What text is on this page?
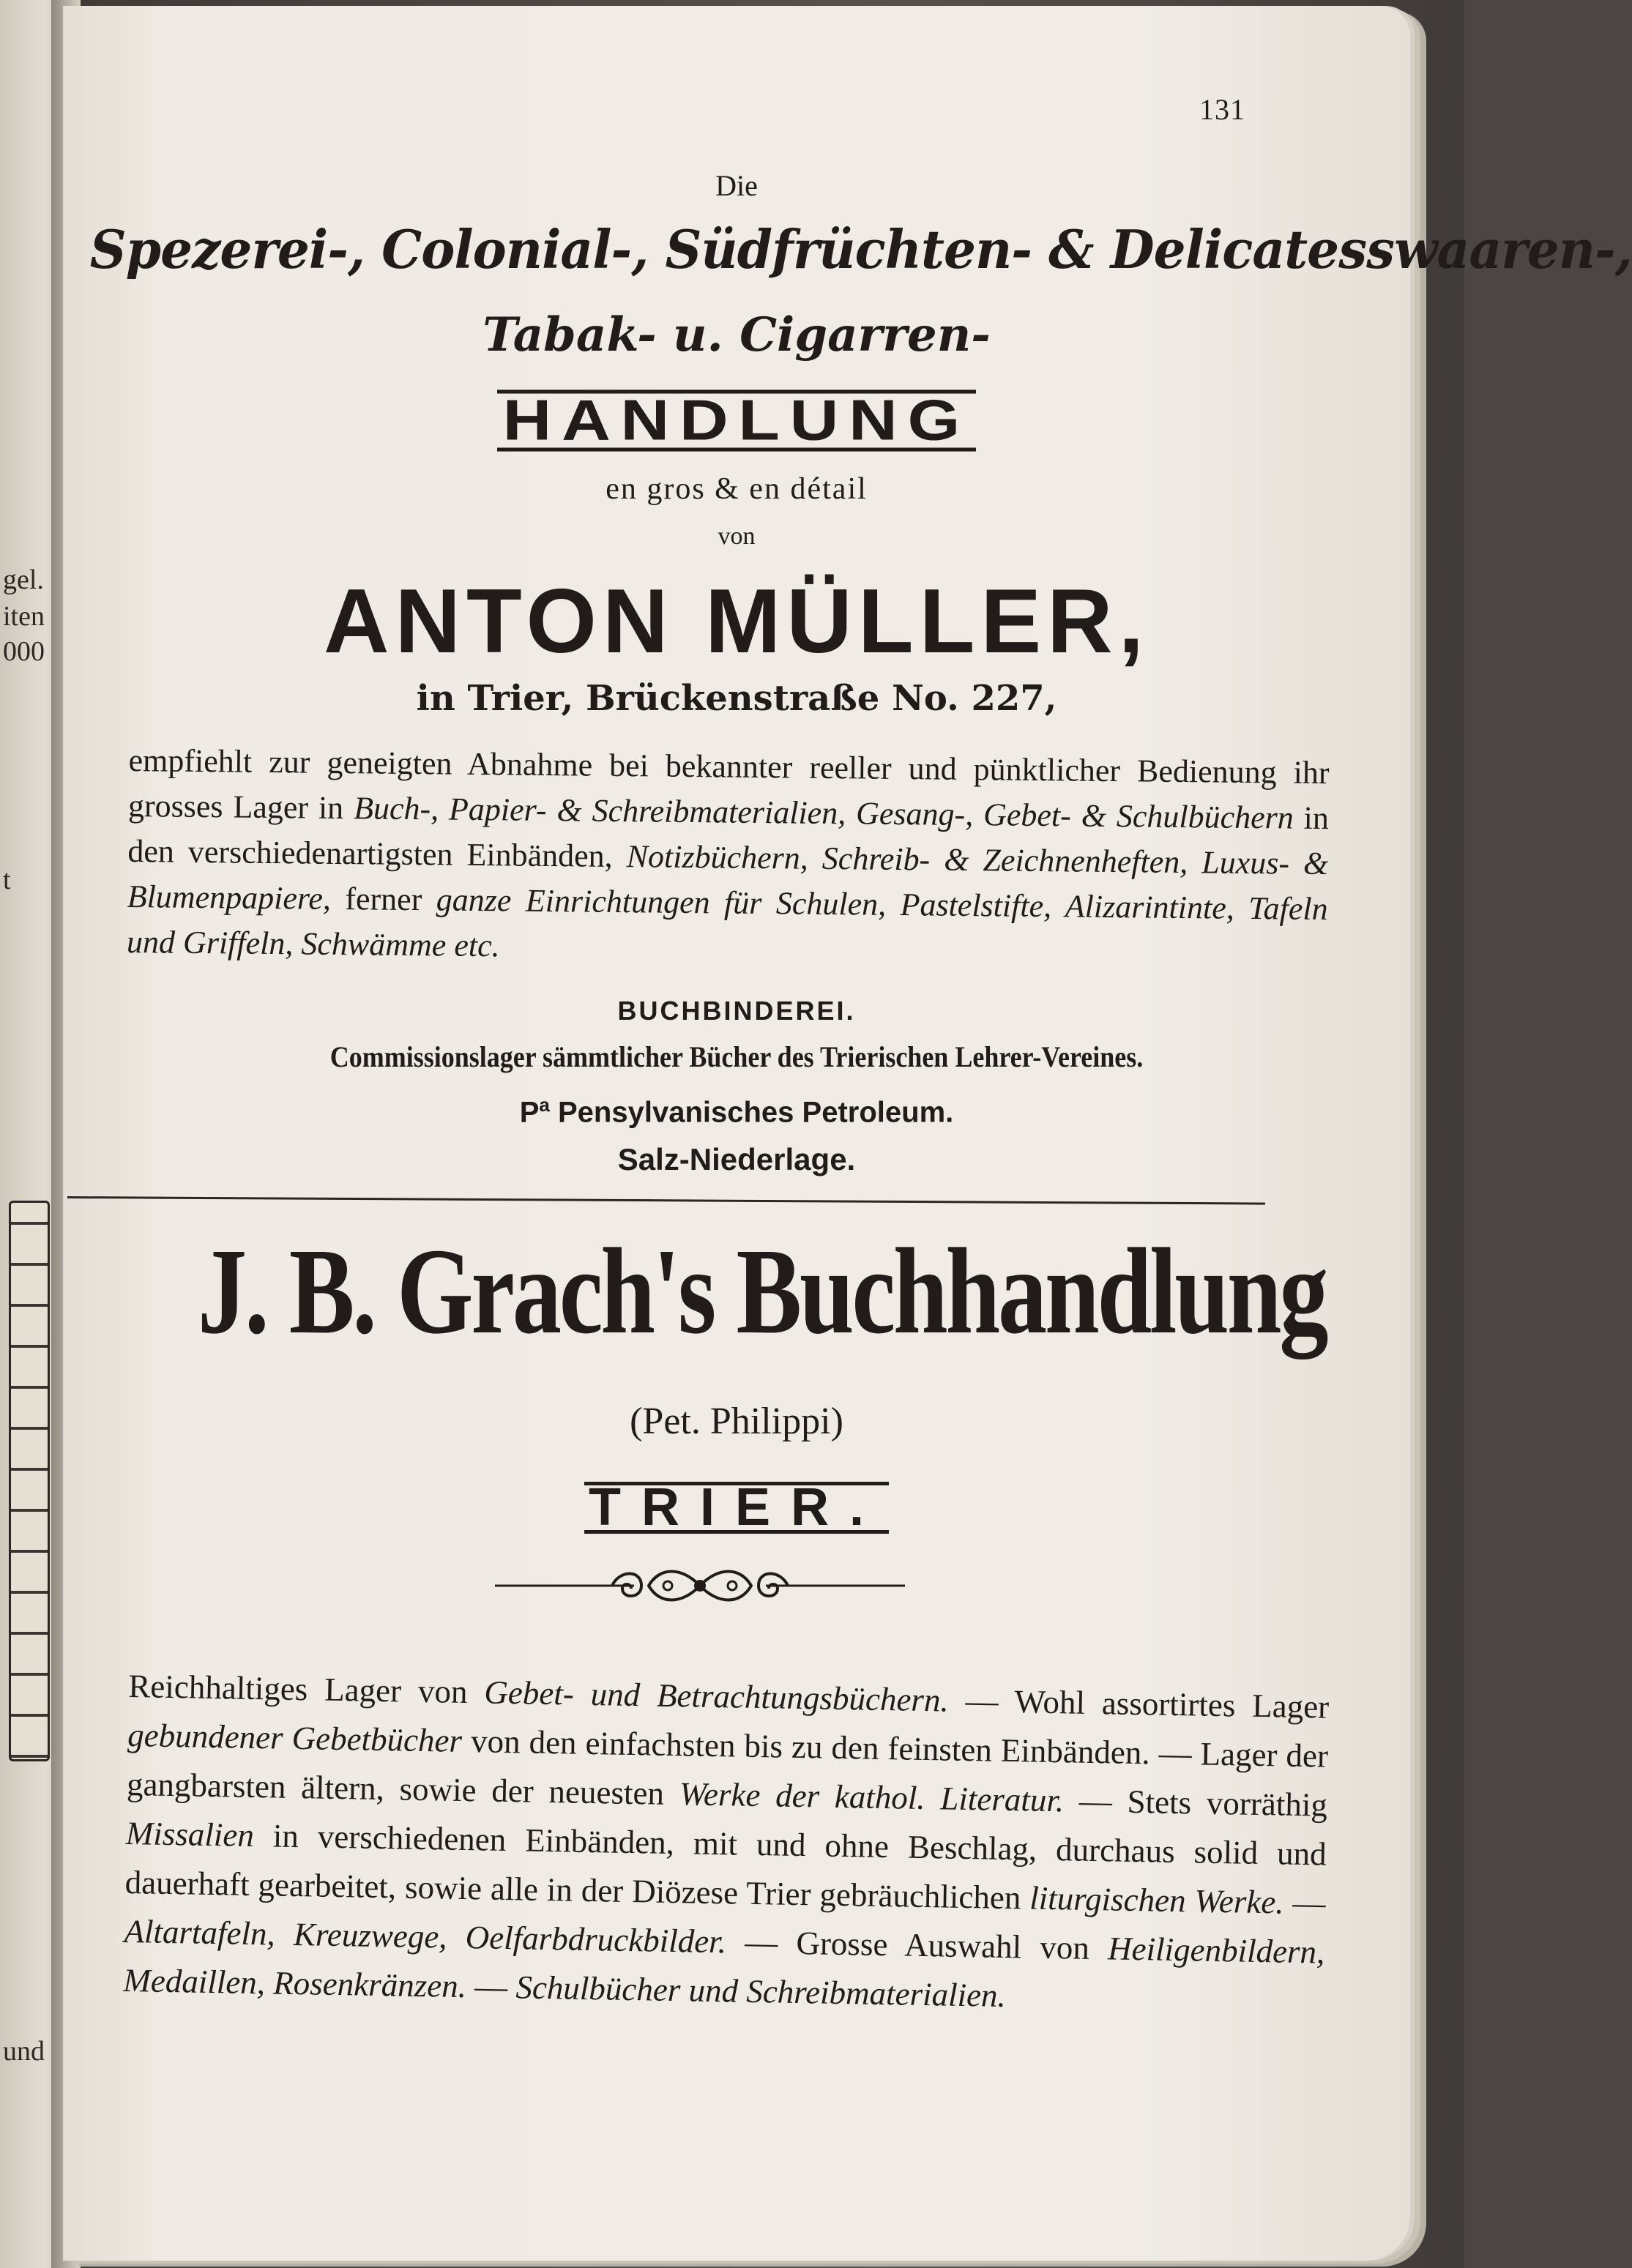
gel.
iten
000
t
und
131
Die
Spezerei-, Colonial-, Südfrüchten- & Delicatesswaaren-,
Tabak- u. Cigarren-
HANDLUNG
en gros & en détail
von
ANTON MÜLLER,
in Trier, Brückenstraße No. 227,
empfiehlt zur geneigten Abnahme bei bekannter reeller und pünktlicher Bedienung ihr grosses Lager in Buch-, Papier- & Schreibmaterialien, Gesang-, Gebet- & Schulbüchern in den verschiedenartigsten Einbänden, Notizbüchern, Schreib- & Zeichnenheften, Luxus- & Blumenpapiere, ferner ganze Einrichtungen für Schulen, Pastelstifte, Alizarintinte, Tafeln und Griffeln, Schwämme etc.
BUCHBINDEREI.
Commissionslager sämmtlicher Bücher des Trierischen Lehrer-Vereines.
$P^a$ Pensylvanisches Petroleum.
Salz-Niederlage.
J. B. Grach's Buchhandlung
(Pet. Philippi)
TRIER.
Reichhaltiges Lager von Gebet- und Betrachtungsbüchern. — Wohl assortirtes Lager gebundener Gebetbücher von den einfachsten bis zu den feinsten Einbänden. — Lager der gangbarsten ältern, sowie der neuesten Werke der kathol. Literatur. — Stets vorräthig Missalien in verschiedenen Einbänden, mit und ohne Beschlag, durchaus solid und dauerhaft gearbeitet, sowie alle in der Diözese Trier gebräuchlichen liturgischen Werke. — Altartafeln, Kreuzwege, Oelfarbdruckbilder. — Grosse Auswahl von Heiligenbildern, Medaillen, Rosenkränzen. — Schulbücher und Schreibmaterialien.
